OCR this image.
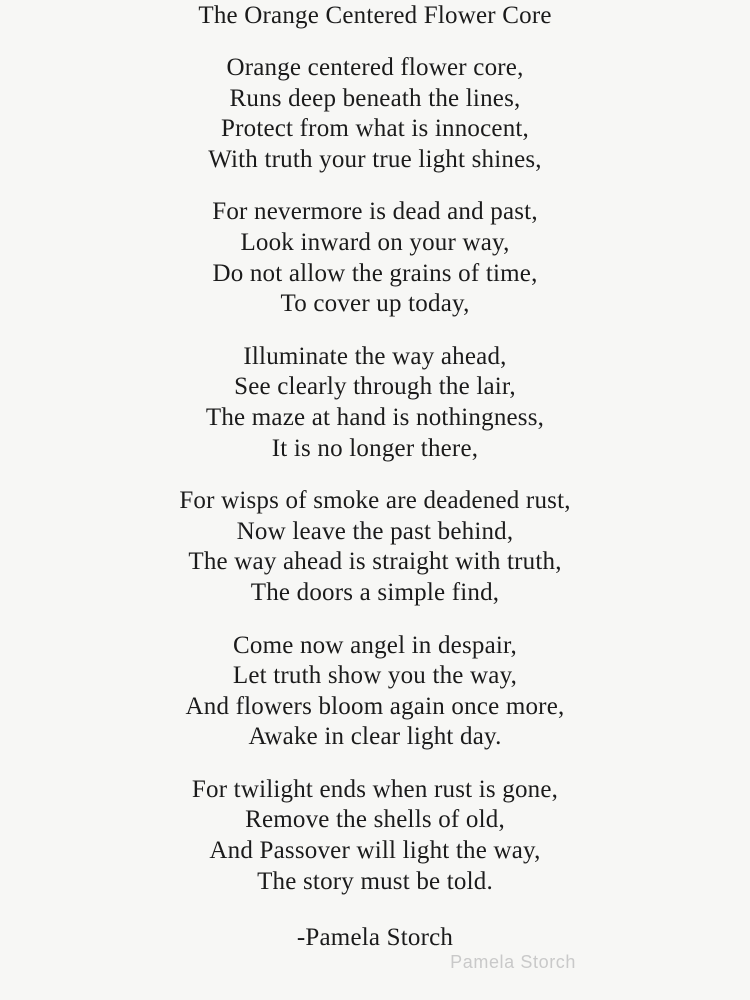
The Orange Centered Flower Core
Orange centered flower core,
Runs deep beneath the lines,
Protect from what is innocent,
With truth your true light shines,
For nevermore is dead and past,
Look inward on your way,
Do not allow the grains of time,
To cover up today,
Illuminate the way ahead,
See clearly through the lair,
The maze at hand is nothingness,
It is no longer there,
For wisps of smoke are deadened rust,
Now leave the past behind,
The way ahead is straight with truth,
The doors a simple find,
Come now angel in despair,
Let truth show you the way,
And flowers bloom again once more,
Awake in clear light day.
For twilight ends when rust is gone,
Remove the shells of old,
And Passover will light the way,
The story must be told.
-Pamela Storch
Pamela Storch
